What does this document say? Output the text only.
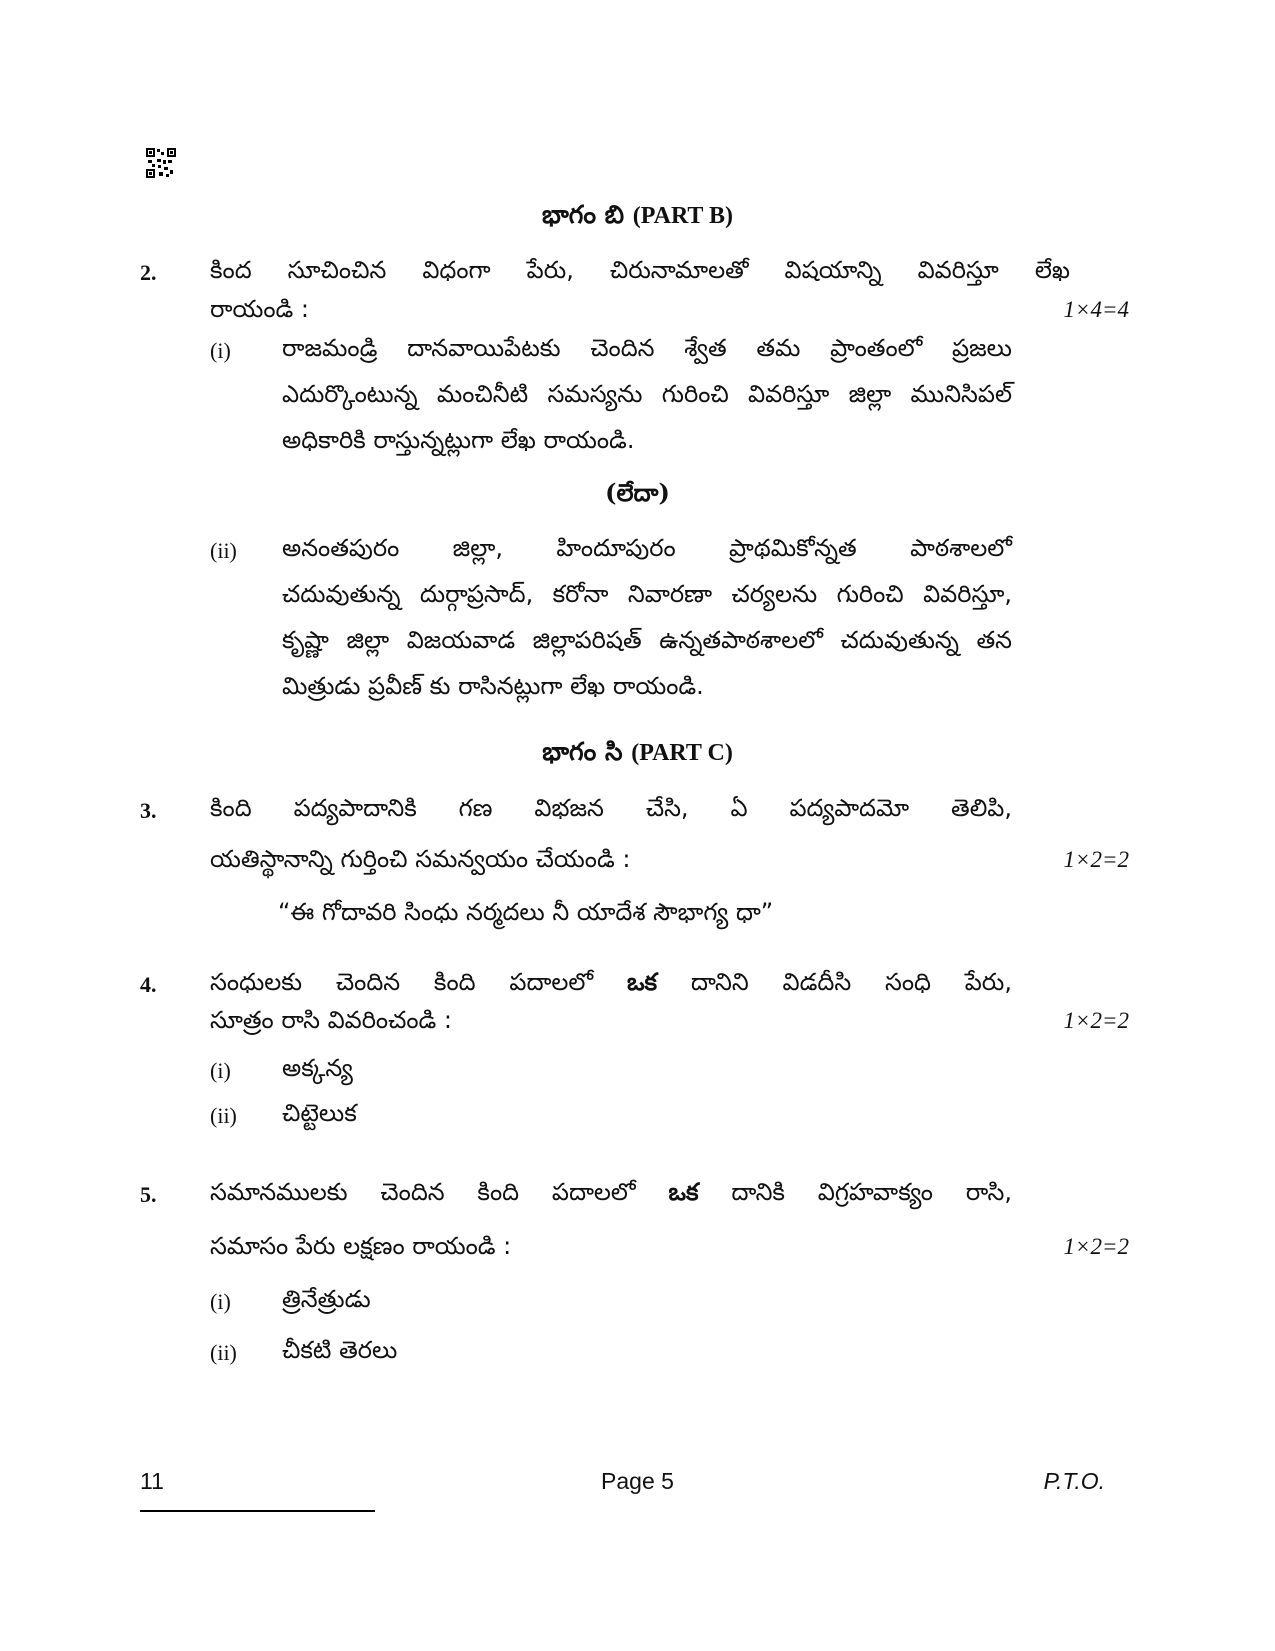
భాగం బి (PART B)
2. కింద సూచించిన విధంగా పేరు, చిరునామాలతో విషయాన్ని వివరిస్తూ లేఖ
రాయండి :	1×4=4
(i) రాజమండ్రి దానవాయిపేటకు చెందిన శ్వేత తమ ప్రాంతంలో ప్రజలు
ఎదుర్కొంటున్న మంచినీటి సమస్యను గురించి వివరిస్తూ జిల్లా మునిసిపల్
అధికారికి రాస్తున్నట్లుగా లేఖ రాయండి.
(లేదా)
(ii) అనంతపురం జిల్లా, హిందూపురం ప్రాథమికోన్నత పాఠశాలలో
చదువుతున్న దుర్గాప్రసాద్, కరోనా నివారణా చర్యలను గురించి వివరిస్తూ,
కృష్ణా జిల్లా విజయవాడ జిల్లాపరిషత్ ఉన్నతపాఠశాలలో చదువుతున్న తన
మిత్రుడు ప్రవీణ్ కు రాసినట్లుగా లేఖ రాయండి.
భాగం సి (PART C)
3. కింది పద్యపాదానికి గణ విభజన చేసి, ఏ పద్యపాదమో తెలిపి,
యతిస్థానాన్ని గుర్తించి సమన్వయం చేయండి :	1×2=2
“ఈ గోదావరి సింధు నర్మదలు నీ యాదేశ సౌభాగ్య ధా”
4. సంధులకు చెందిన కింది పదాలలో ఒక దానిని విడదీసి సంధి పేరు,
సూత్రం రాసి వివరించండి :	1×2=2
(i) అక్కన్య
(ii) చిట్టెలుక
5. సమానములకు చెందిన కింది పదాలలో ఒక దానికి విగ్రహవాక్యం రాసి,
సమాసం పేరు లక్షణం రాయండి :	1×2=2
(i) త్రినేత్రుడు
(ii) చీకటి తెరలు
11	Page 5	P.T.O.
